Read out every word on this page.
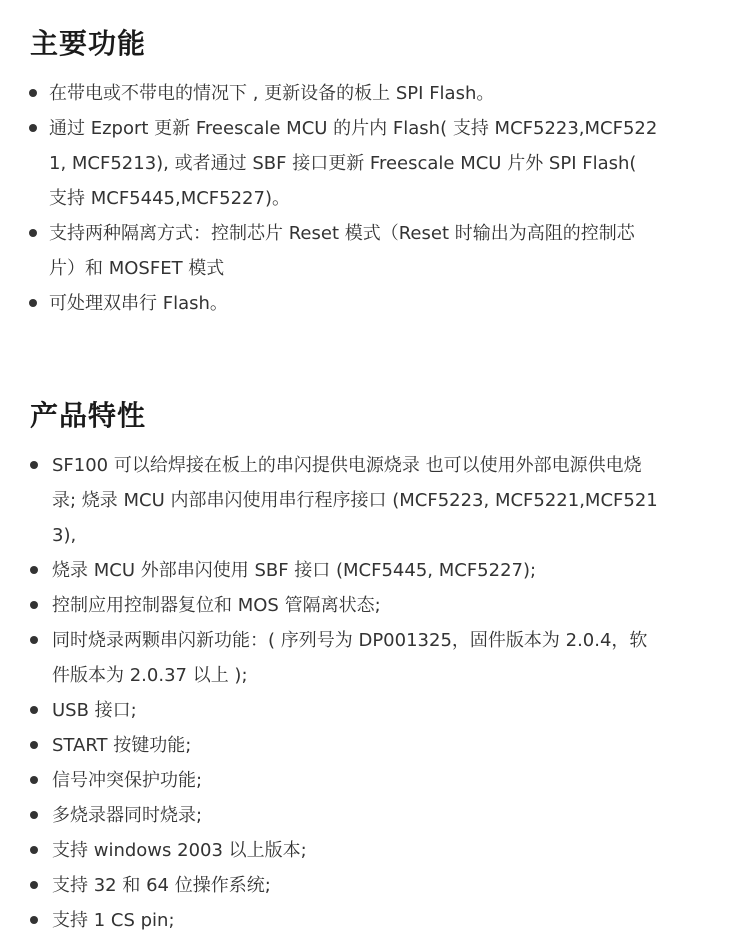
主要功能
在带电或不带电的情况下 , 更新设备的板上 SPI Flash。
通过 Ezport 更新 Freescale MCU 的片内 Flash( 支持 MCF5223,MCF5221, MCF5213), 或者通过 SBF 接口更新 Freescale MCU 片外 SPI Flash( 支持 MCF5445,MCF5227)。
支持两种隔离方式：控制芯片 Reset 模式（Reset 时输出为高阻的控制芯片）和 MOSFET 模式
可处理双串行 Flash。
产品特性
SF100 可以给焊接在板上的串闪提供电源烧录 也可以使用外部电源供电烧录; 烧录 MCU 内部串闪使用串行程序接口 (MCF5223, MCF5221,MCF5213),
烧录 MCU 外部串闪使用 SBF 接口 (MCF5445, MCF5227);
控制应用控制器复位和 MOS 管隔离状态;
同时烧录两颗串闪新功能：( 序列号为 DP001325，固件版本为 2.0.4，软件版本为 2.0.37 以上 );
USB 接口;
START 按键功能;
信号冲突保护功能;
多烧录器同时烧录;
支持 windows 2003 以上版本;
支持 32 和 64 位操作系统;
支持 1 CS pin;
